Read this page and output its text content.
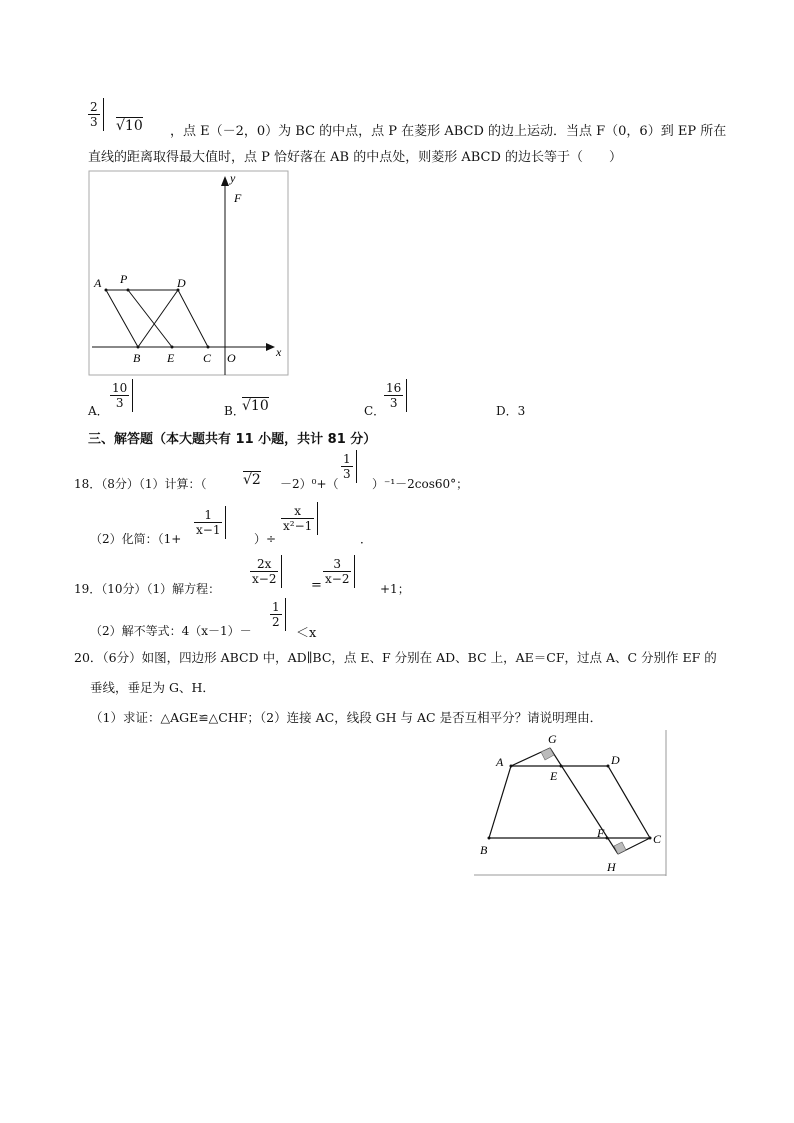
$\frac{2}{3} √10$ ，点 E（－2，0）为 BC 的中点，点 P 在菱形 ABCD 的边上运动．当点 F（0，6）到 EP 所在
直线的距离取得最大值时，点 P 恰好落在 AB 的中点处，则菱形 ABCD 的边长等于（　　）
y
F
A P	D
x
B E C O
A．
$\frac{10}{3}$
B．
√10	C．
$\frac{16}{3}$
D．3
三、解答题（本大题共有 11 小题，共计 81 分）
18．（8分）（1）计算：（	√2 －2）⁰+（
$\frac{1}{3}$
）⁻¹－2cos60°；
（2）化简：（1+
$\frac{1}{x-1}$
）÷
$\frac{x}{\text{x²−1}}$
．
19．（10分）（1）解方程：
$\frac{2x}{x-2}$	= $\frac{3}{x-2}$
+1；
（2）解不等式：4（x－1）－
$\frac{1}{2}$
＜x
20．（6分）如图，四边形 ABCD 中，AD∥BC，点 E、F 分别在 AD、BC 上，AE＝CF，过点 A、C 分别作 EF 的
垂线，垂足为 G、H．
（1）求证：△AGE≌△CHF；（2）连接 AC，线段 GH 与 AC 是否互相平分？请说明理由．
A
G
D
E
F	C
B
H
